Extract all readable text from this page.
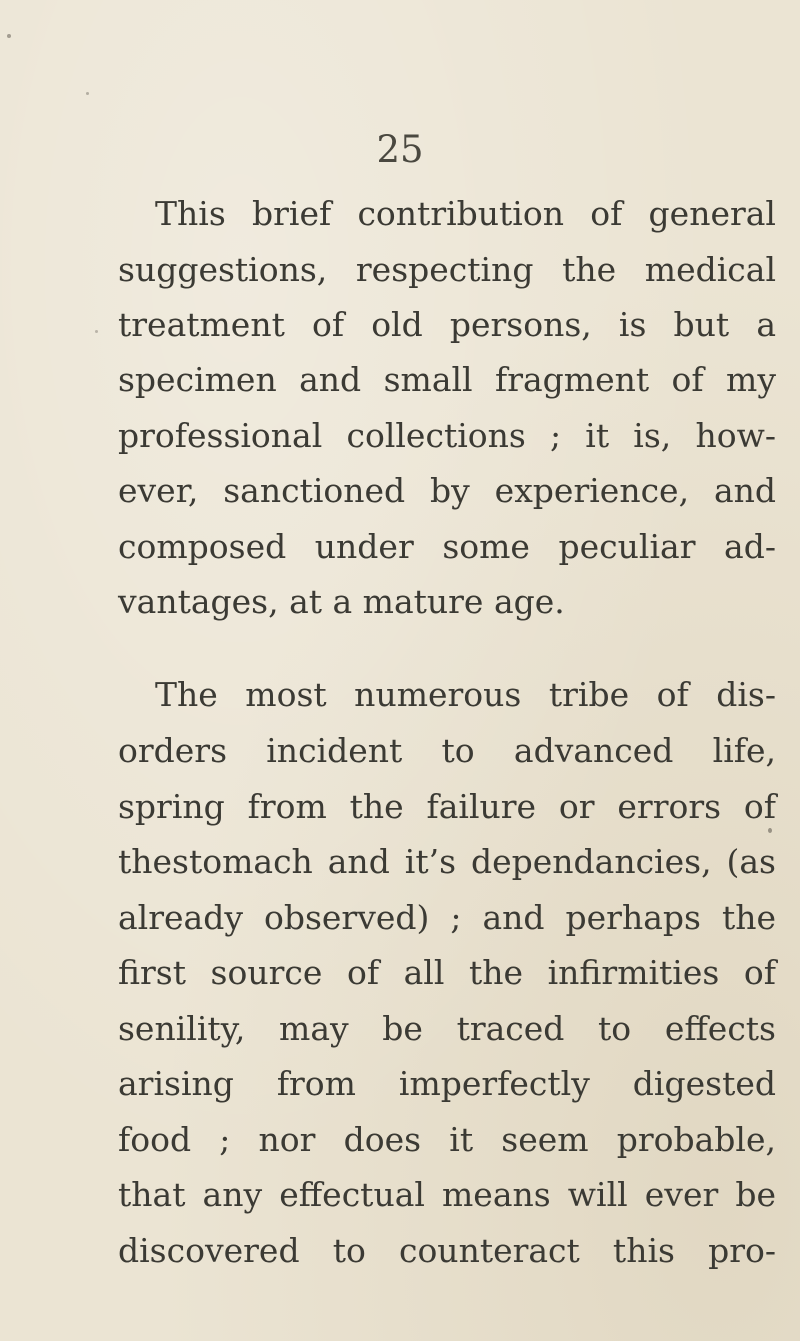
25
This brief contribution of general
suggestions, respecting the medical
treatment of old persons, is but a
specimen and small fragment of my
professional collections ; it is, how-
ever, sanctioned by experience, and
composed under some peculiar ad-
vantages, at a mature age.
The most numerous tribe of dis-
orders incident to advanced life,
spring from the failure or errors of
thestomach and it’s dependancies, (as
already observed) ; and perhaps the
first source of all the infirmities of
senility, may be traced to effects
arising from imperfectly digested
food ; nor does it seem probable,
that any effectual means will ever be
discovered to counteract this pro-
